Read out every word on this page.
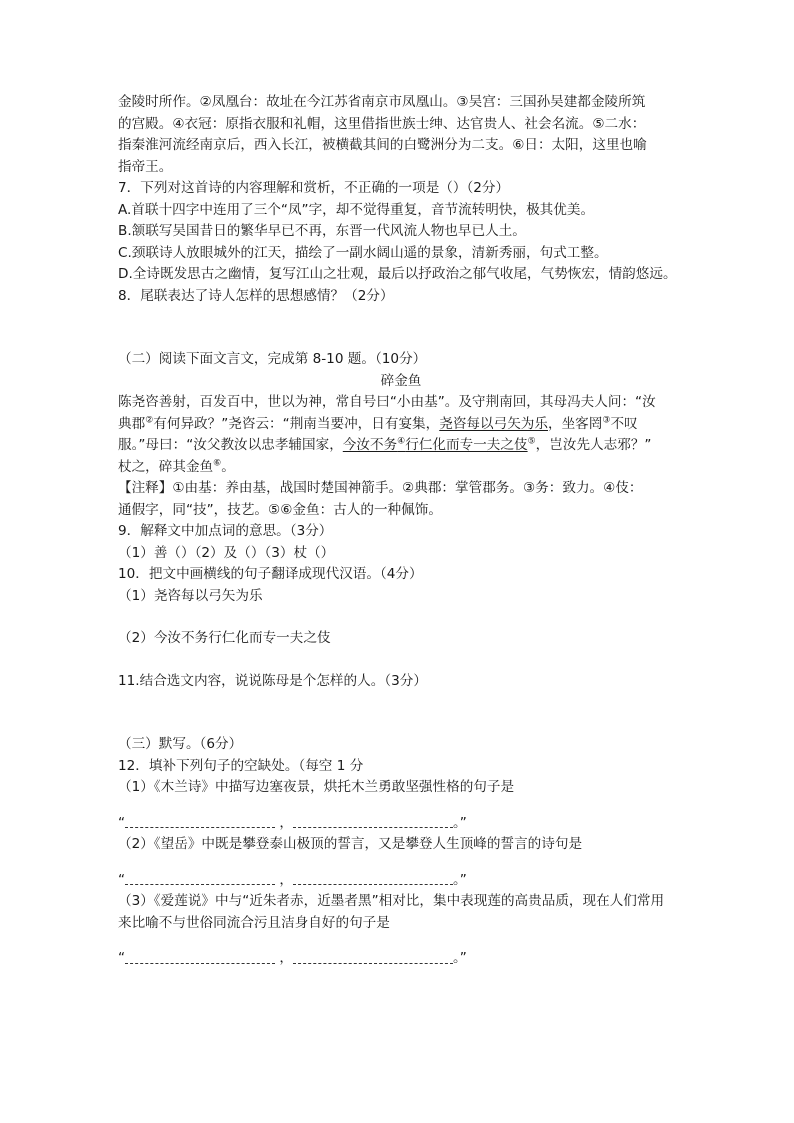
金陵时所作。②凤凰台：故址在今江苏省南京市凤凰山。③吴宫：三国孙吴建都金陵所筑

的宫殿。④衣冠：原指衣服和礼帽，这里借指世族士绅、达官贵人、社会名流。⑤二水：

指秦淮河流经南京后，西入长江，被横截其间的白鹭洲分为二支。⑥日：太阳，这里也喻

指帝王。

7．下列对这首诗的内容理解和赏析，不正确的一项是（）（2分）

A.首联十四字中连用了三个“凤”字，却不觉得重复，音节流转明快，极其优美。

B.颔联写吴国昔日的繁华早已不再，东晋一代风流人物也早已人土。

C.颈联诗人放眼城外的江天，描绘了一副水阔山遥的景象，清新秀丽，句式工整。

D.全诗既发思古之幽情，复写江山之壮观，最后以抒政治之郁气收尾，气势恢宏，情韵悠远。

8．尾联表达了诗人怎样的思想感情？（2分）

（二）阅读下面文言文，完成第 8-10 题。（10分）

碎金鱼

陈尧咨善射，百发百中，世以为神，常自号曰“小由基”。及守荆南回，其母冯夫人问：“汝

典郡②有何异政？”尧咨云：“荆南当要冲，日有宴集，尧咨每以弓矢为乐，坐客罔③不叹

服。”母曰：“汝父教汝以忠孝辅国家，今汝不务④行仁化而专一夫之伎⑤，岂汝先人志邪？”

杖之，碎其金鱼⑥。

【注释】①由基：养由基，战国时楚国神箭手。②典郡：掌管郡务。③务：致力。④伎：

通假字，同“技”，技艺。⑤⑥金鱼：古人的一种佩饰。

9．解释文中加点词的意思。（3分）

（1）善（）（2）及（）（3）杖（）

10．把文中画横线的句子翻译成现代汉语。（4分）

（1）尧咨每以弓矢为乐

（2）今汝不务行仁化而专一夫之伎

11.结合选文内容，说说陈母是个怎样的人。（3分）

（三）默写。（6分）

12．填补下列句子的空缺处。（每空 1 分

（1）《木兰诗》中描写边塞夜景，烘托木兰勇敢坚强性格的句子是

“	，	。”

（2）《望岳》中既是攀登泰山极顶的誓言，又是攀登人生顶峰的誓言的诗句是

“	，	。”

（3）《爱莲说》中与“近朱者赤，近墨者黑”相对比，集中表现莲的高贵品质，现在人们常用

来比喻不与世俗同流合污且洁身自好的句子是

“	，	。”
